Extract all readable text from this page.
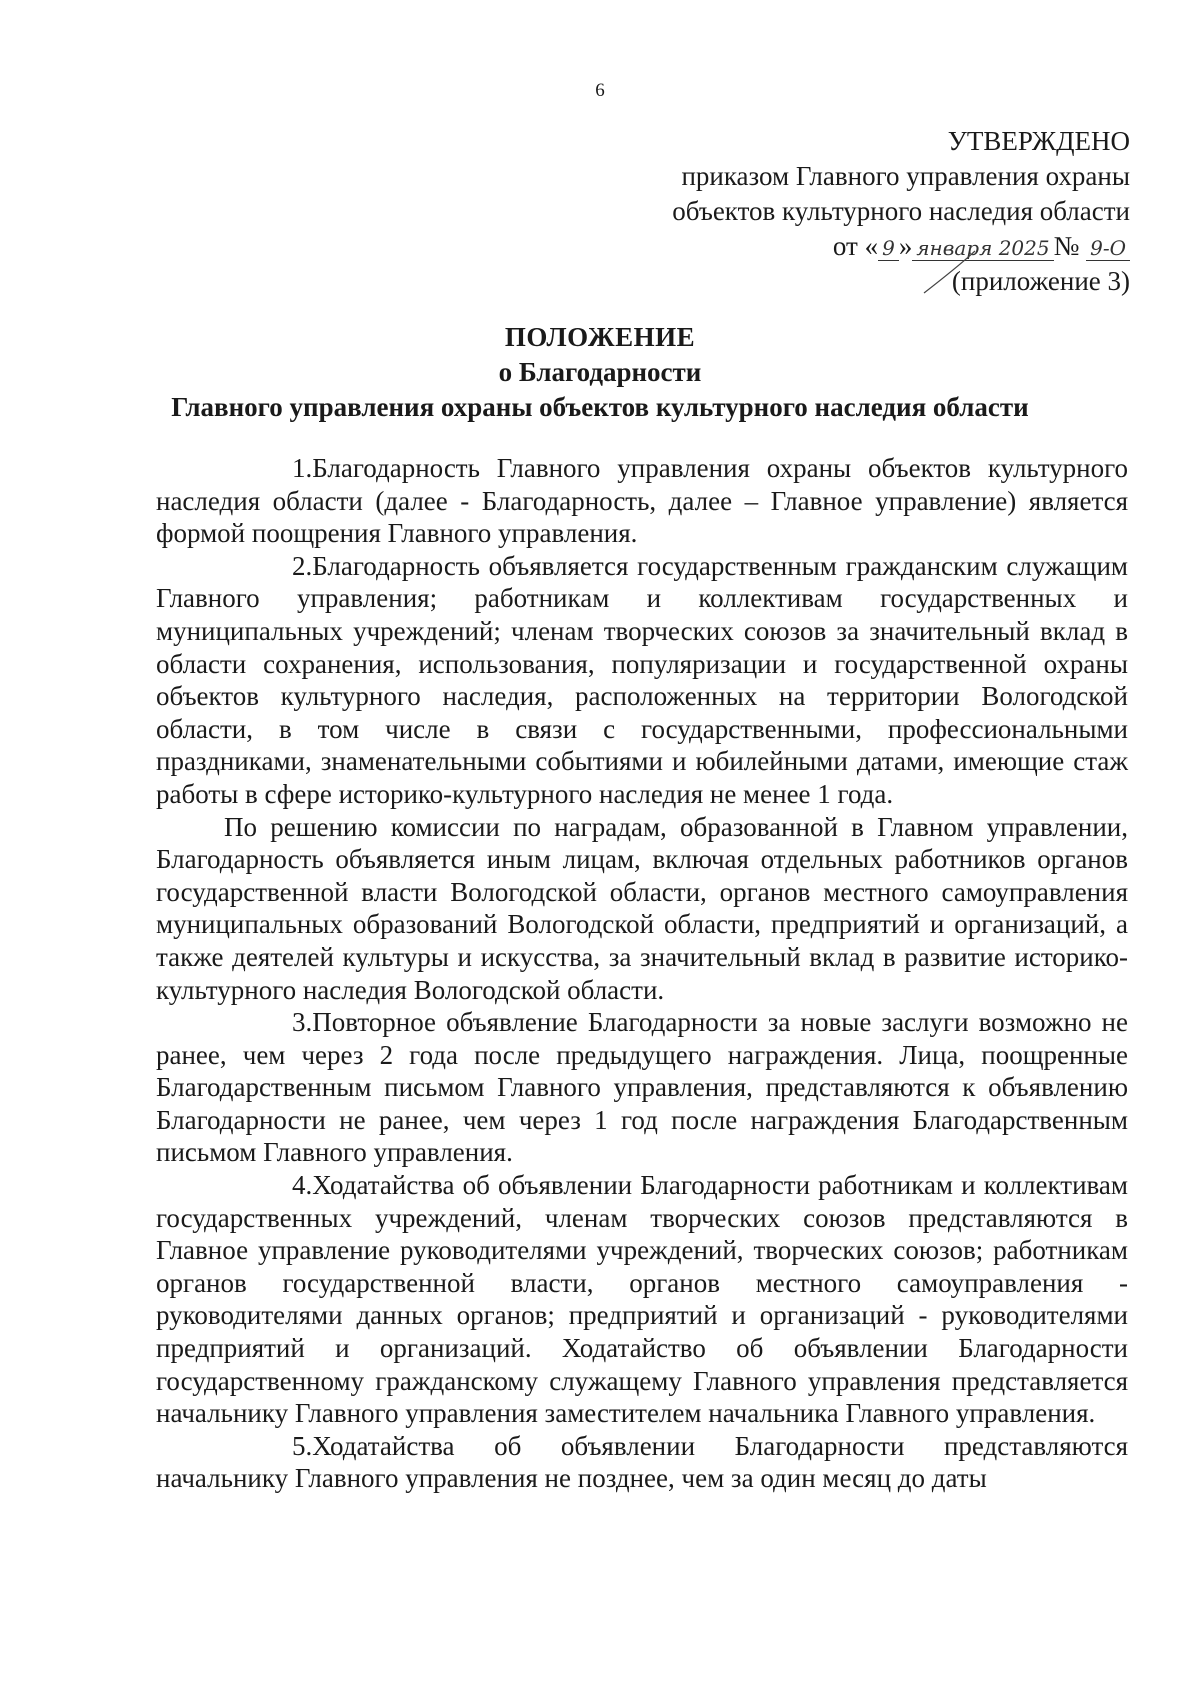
6
УТВЕРЖДЕНО
приказом Главного управления охраны
объектов культурного наследия области
от « 9 » января 2025 № 9-О
(приложение 3)
ПОЛОЖЕНИЕ
о Благодарности
Главного управления охраны объектов культурного наследия области

1.Благодарность Главного управления охраны объектов культурного наследия области (далее - Благодарность, далее – Главное управление) является формой поощрения Главного управления.

2.Благодарность объявляется государственным гражданским служащим Главного управления; работникам и коллективам государственных и муниципальных учреждений; членам творческих союзов за значительный вклад в области сохранения, использования, популяризации и государственной охраны объектов культурного наследия, расположенных на территории Вологодской области, в том числе в связи с государственными, профессиональными праздниками, знаменательными событиями и юбилейными датами, имеющие стаж работы в сфере историко-культурного наследия не менее 1 года.

По решению комиссии по наградам, образованной в Главном управлении, Благодарность объявляется иным лицам, включая отдельных работников органов государственной власти Вологодской области, органов местного самоуправления муниципальных образований Вологодской области, предприятий и организаций, а также деятелей культуры и искусства, за значительный вклад в развитие историко-культурного наследия Вологодской области.

3.Повторное объявление Благодарности за новые заслуги возможно не ранее, чем через 2 года после предыдущего награждения. Лица, поощренные Благодарственным письмом Главного управления, представляются к объявлению Благодарности не ранее, чем через 1 год после награждения Благодарственным письмом Главного управления.

4.Ходатайства об объявлении Благодарности работникам и коллективам государственных учреждений, членам творческих союзов представляются в Главное управление руководителями учреждений, творческих союзов; работникам органов государственной власти, органов местного самоуправления - руководителями данных органов; предприятий и организаций - руководителями предприятий и организаций. Ходатайство об объявлении Благодарности государственному гражданскому служащему Главного управления представляется начальнику Главного управления заместителем начальника Главного управления.

5.Ходатайства об объявлении Благодарности представляются начальнику Главного управления не позднее, чем за один месяц до даты
